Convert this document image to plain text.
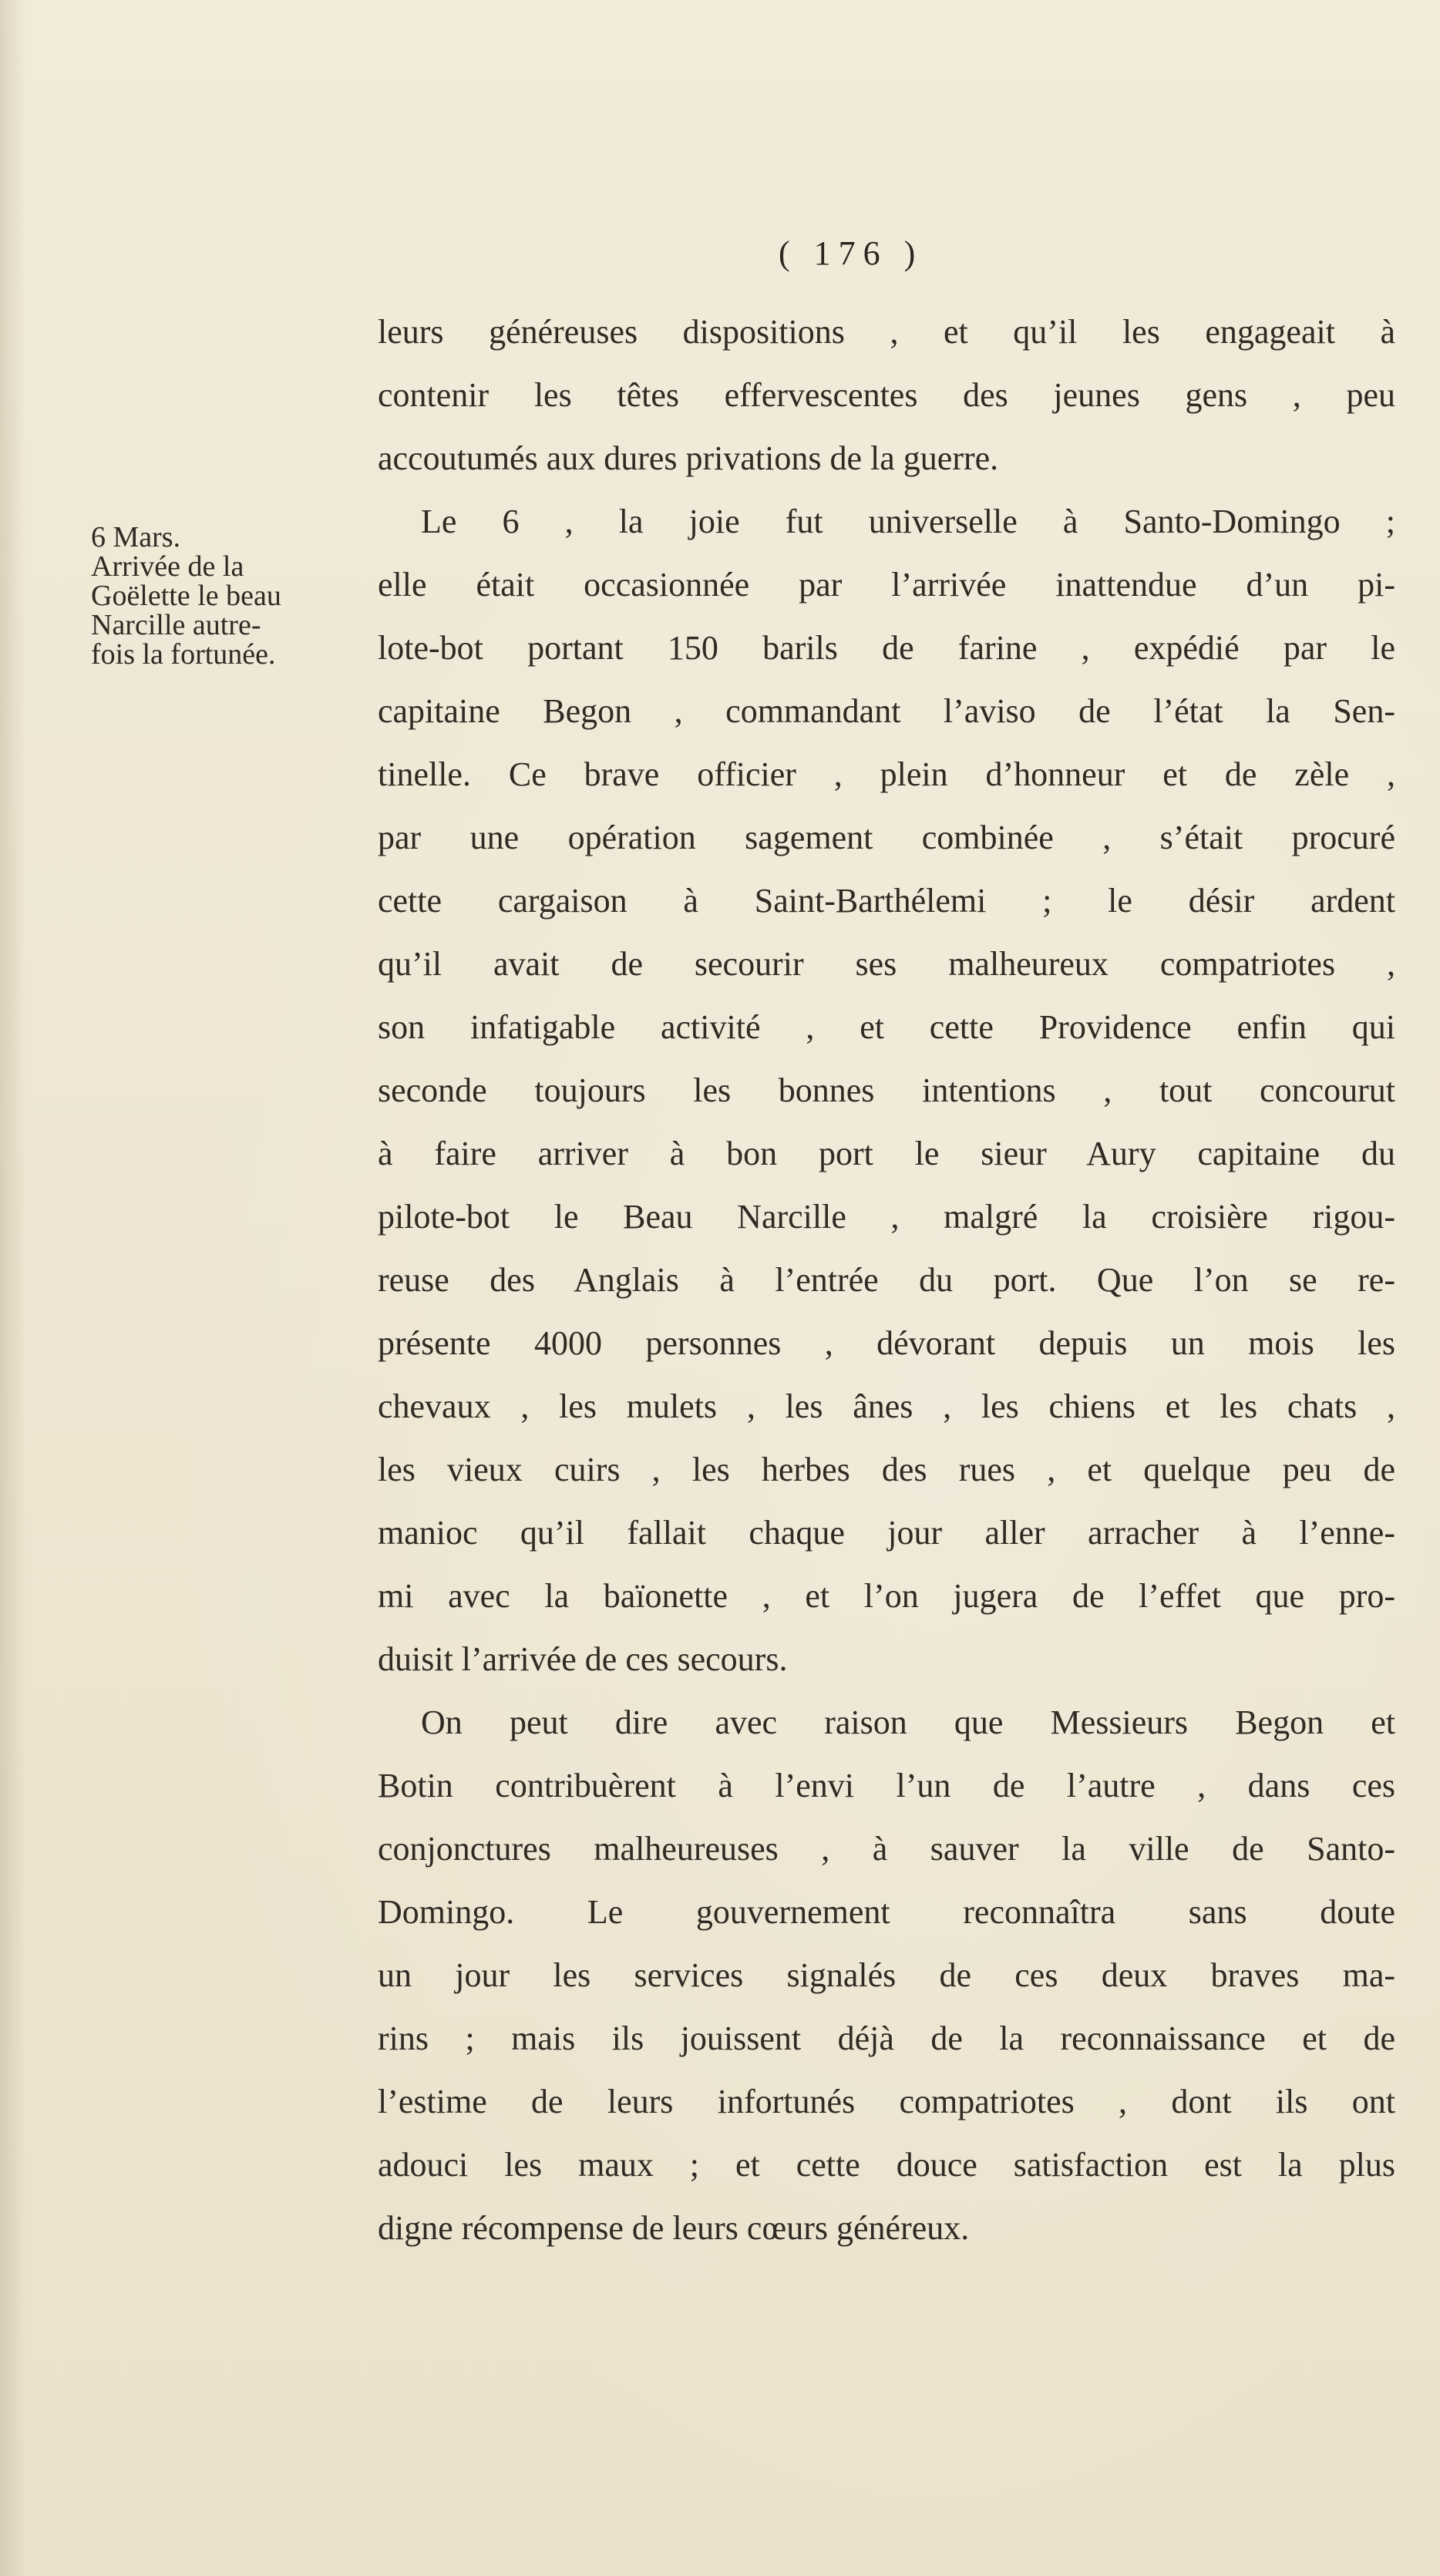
( 176 )
6 Mars.
Arrivée de la
Goëlette le beau
Narcille autre-
fois la fortunée.
leurs généreuses dispositions , et qu’il les engageait à
contenir les têtes effervescentes des jeunes gens , peu
accoutumés aux dures privations de la guerre.
Le 6 , la joie fut universelle à Santo-Domingo ;
elle était occasionnée par l’arrivée inattendue d’un pi-
lote-bot portant 150 barils de farine , expédié par le
capitaine Begon , commandant l’aviso de l’état la Sen-
tinelle. Ce brave officier , plein d’honneur et de zèle ,
par une opération sagement combinée , s’était procuré
cette cargaison à Saint-Barthélemi ; le désir ardent
qu’il avait de secourir ses malheureux compatriotes ,
son infatigable activité , et cette Providence enfin qui
seconde toujours les bonnes intentions , tout concourut
à faire arriver à bon port le sieur Aury capitaine du
pilote-bot le Beau Narcille , malgré la croisière rigou-
reuse des Anglais à l’entrée du port. Que l’on se re-
présente 4000 personnes , dévorant depuis un mois les
chevaux , les mulets , les ânes , les chiens et les chats ,
les vieux cuirs , les herbes des rues , et quelque peu de
manioc qu’il fallait chaque jour aller arracher à l’enne-
mi avec la baïonette , et l’on jugera de l’effet que pro-
duisit l’arrivée de ces secours.
On peut dire avec raison que Messieurs Begon et
Botin contribuèrent à l’envi l’un de l’autre , dans ces
conjonctures malheureuses , à sauver la ville de Santo-
Domingo. Le gouvernement reconnaîtra sans doute
un jour les services signalés de ces deux braves ma-
rins ; mais ils jouissent déjà de la reconnaissance et de
l’estime de leurs infortunés compatriotes , dont ils ont
adouci les maux ; et cette douce satisfaction est la plus
digne récompense de leurs cœurs généreux.
